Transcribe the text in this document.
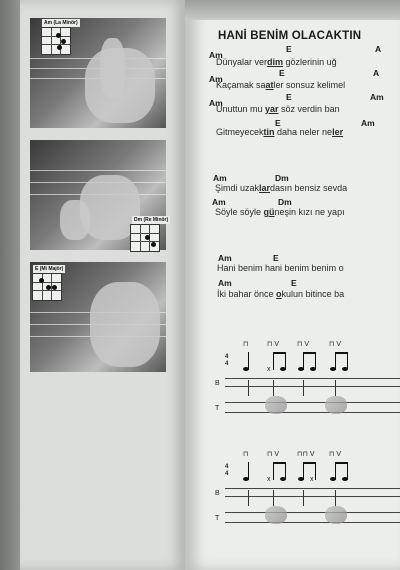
Am (La Minör)
Dm (Re Minör)
E (Mi Majör)
HANİ BENİM OLACAKTIN
Am
E	A
Dünyalar verdim gözlerinin uğ
Am
E	A
Kaçamak saatler sonsuz kelimel
Am
E	Am
Unuttun mu yar söz verdin ban
E	Am
Gitmeyecektin daha neler neler
Am	Dm
Şimdi uzaklardasın bensiz sevda
Am	Dm
Söyle söyle güneşin kızı ne yapı
Am	E
Hani benim hani benim benim o
Am	E
İki bahar önce okulun bitince ba
4
4
⊓	⊓ V	⊓ V	⊓ V
x
B
T
4
4
⊓	⊓ V	⊓⊓ V ⊓ V
x	x
B
T
